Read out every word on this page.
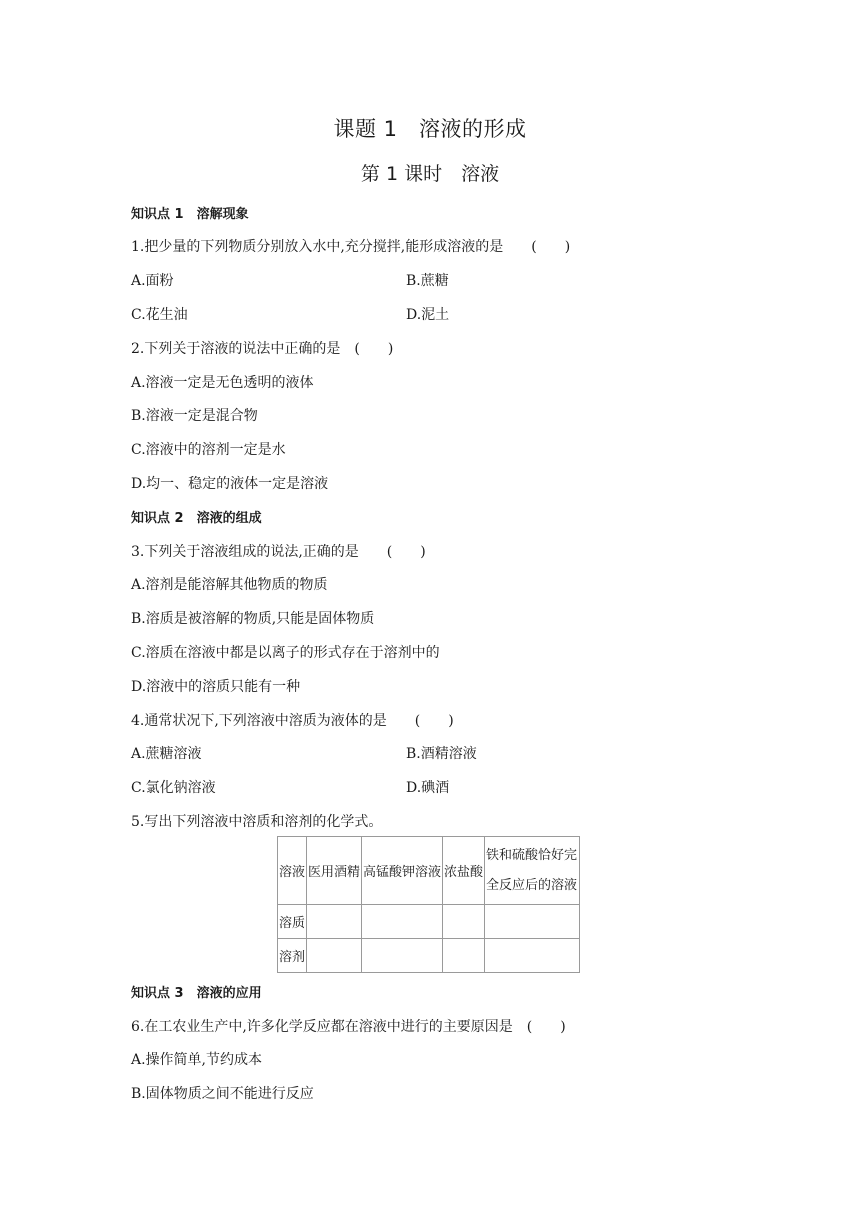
课题 1　溶液的形成
第 1 课时　溶液
知识点 1　溶解现象
1.把少量的下列物质分别放入水中,充分搅拌,能形成溶液的是　　(　　)
A.面粉	B.蔗糖
C.花生油	D.泥土
2.下列关于溶液的说法中正确的是　(　　)
A.溶液一定是无色透明的液体
B.溶液一定是混合物
C.溶液中的溶剂一定是水
D.均一、稳定的液体一定是溶液
知识点 2　溶液的组成
3.下列关于溶液组成的说法,正确的是　　(　　)
A.溶剂是能溶解其他物质的物质
B.溶质是被溶解的物质,只能是固体物质
C.溶质在溶液中都是以离子的形式存在于溶剂中的
D.溶液中的溶质只能有一种
4.通常状况下,下列溶液中溶质为液体的是　　(　　)
A.蔗糖溶液	B.酒精溶液
C.氯化钠溶液	D.碘酒
5.写出下列溶液中溶质和溶剂的化学式。
溶液	医用酒精	高锰酸钾溶液	浓盐酸	铁和硫酸恰好完全反应后的溶液
溶质				
溶剂				
知识点 3　溶液的应用
6.在工农业生产中,许多化学反应都在溶液中进行的主要原因是　(　　)
A.操作简单,节约成本
B.固体物质之间不能进行反应
